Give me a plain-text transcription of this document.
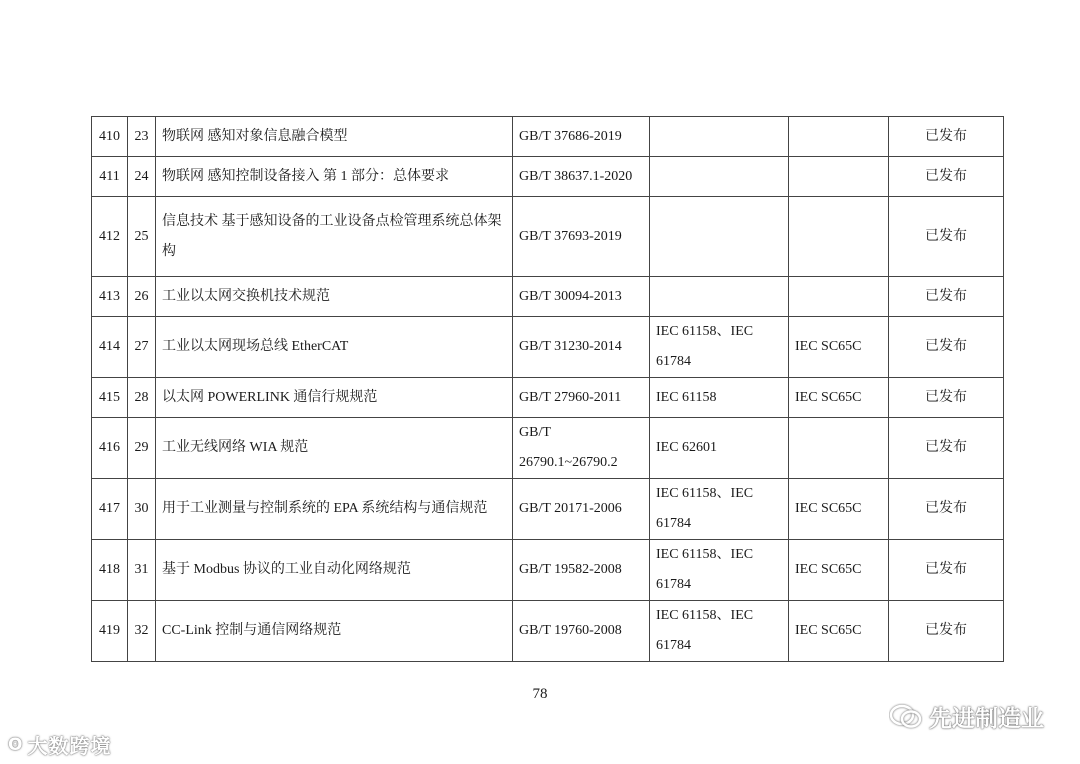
410	23	物联网 感知对象信息融合模型	GB/T 37686-2019			已发布
411	24	物联网 感知控制设备接入 第 1 部分：总体要求	GB/T 38637.1-2020			已发布
412	25	信息技术 基于感知设备的工业设备点检管理系统总体架构	GB/T 37693-2019			已发布
413	26	工业以太网交换机技术规范	GB/T 30094-2013			已发布
414	27	工业以太网现场总线 EtherCAT	GB/T 31230-2014	IEC 61158、IEC 61784	IEC SC65C	已发布
415	28	以太网 POWERLINK 通信行规规范	GB/T 27960-2011	IEC 61158	IEC SC65C	已发布
416	29	工业无线网络 WIA 规范	GB/T 26790.1~26790.2	IEC 62601		已发布
417	30	用于工业测量与控制系统的 EPA 系统结构与通信规范	GB/T 20171-2006	IEC 61158、IEC 61784	IEC SC65C	已发布
418	31	基于 Modbus 协议的工业自动化网络规范	GB/T 19582-2008	IEC 61158、IEC 61784	IEC SC65C	已发布
419	32	CC-Link 控制与通信网络规范	GB/T 19760-2008	IEC 61158、IEC 61784	IEC SC65C	已发布
78
ʘ 大数跨境
先进制造业
